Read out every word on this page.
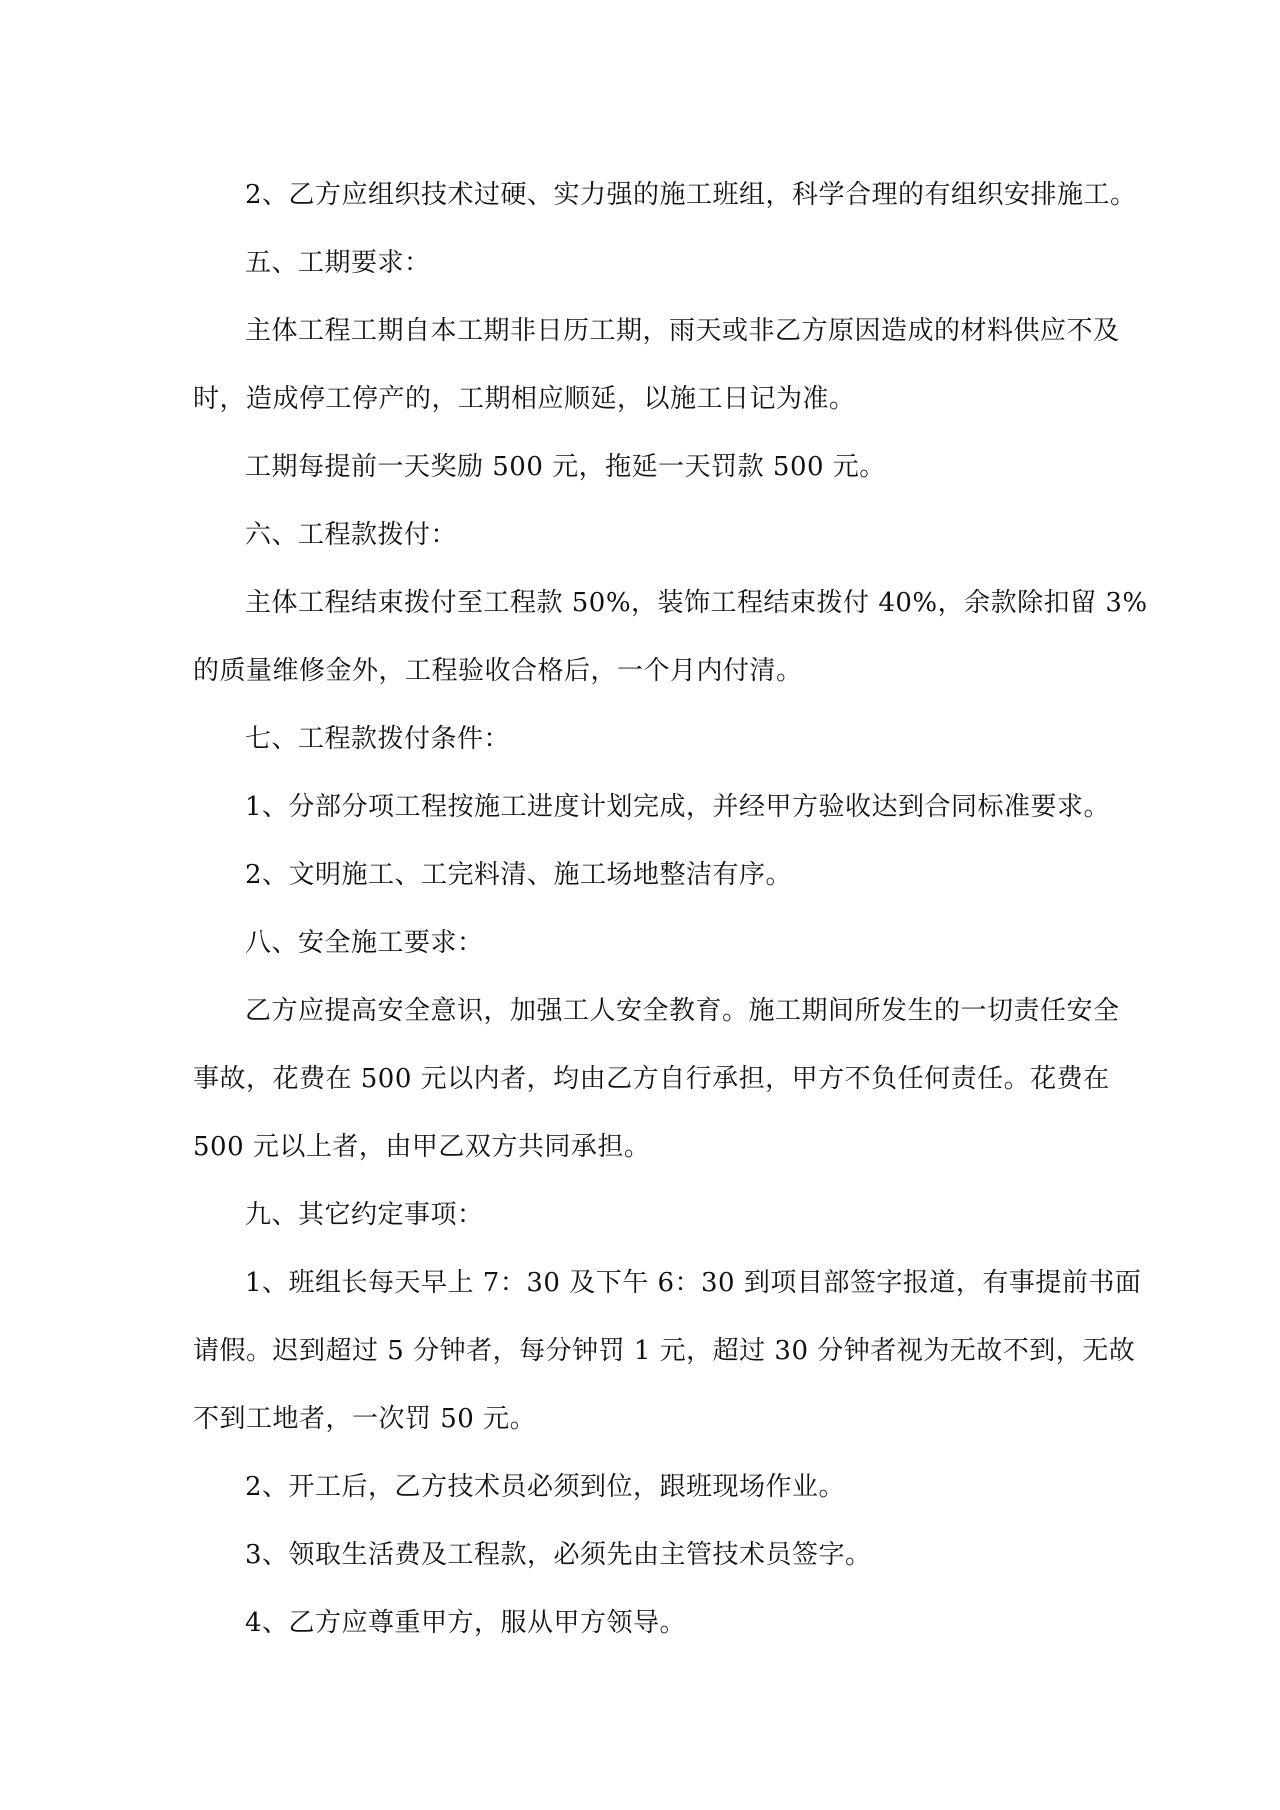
2、乙方应组织技术过硬、实力强的施工班组，科学合理的有组织安排施工。
五、工期要求：
主体工程工期自本工期非日历工期，雨天或非乙方原因造成的材料供应不及
时，造成停工停产的，工期相应顺延，以施工日记为准。
工期每提前一天奖励 500 元，拖延一天罚款 500 元。
六、工程款拨付：
主体工程结束拨付至工程款 50%，装饰工程结束拨付 40%，余款除扣留 3%
的质量维修金外，工程验收合格后，一个月内付清。
七、工程款拨付条件：
1、分部分项工程按施工进度计划完成，并经甲方验收达到合同标准要求。
2、文明施工、工完料清、施工场地整洁有序。
八、安全施工要求：
乙方应提高安全意识，加强工人安全教育。施工期间所发生的一切责任安全
事故，花费在 500 元以内者，均由乙方自行承担，甲方不负任何责任。花费在
500 元以上者，由甲乙双方共同承担。
九、其它约定事项：
1、班组长每天早上 7：30 及下午 6：30 到项目部签字报道，有事提前书面
请假。迟到超过 5 分钟者，每分钟罚 1 元，超过 30 分钟者视为无故不到，无故
不到工地者，一次罚 50 元。
2、开工后，乙方技术员必须到位，跟班现场作业。
3、领取生活费及工程款，必须先由主管技术员签字。
4、乙方应尊重甲方，服从甲方领导。
